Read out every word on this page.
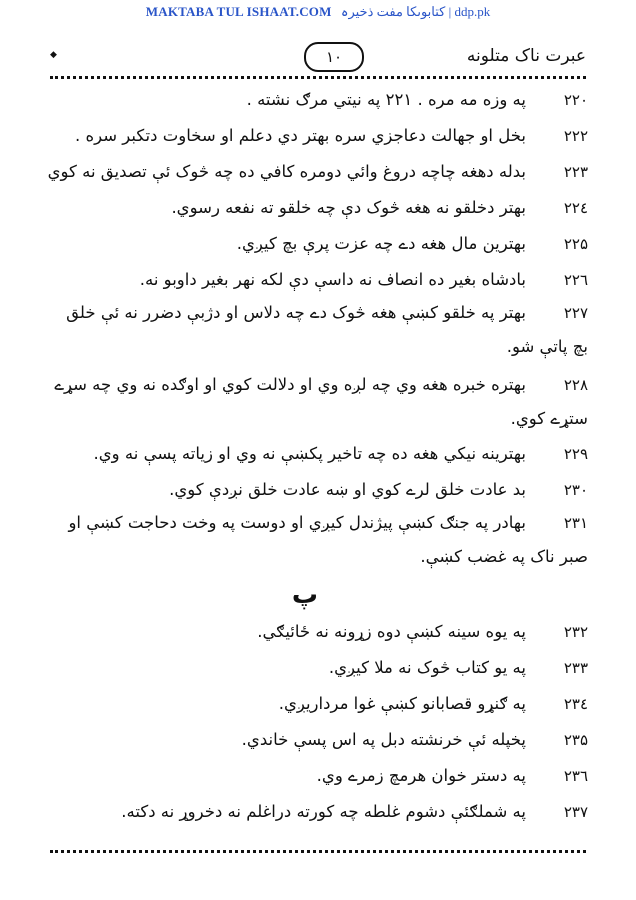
MAKTABA TUL ISHAAT.COM کتابوںکا مفت ذخیرہ | ddp.pk
◆	۱۰	عبرت ناک متلونه
۲۲۰په وزه مه مره . ۲۲۱ په نیتي مرګ نشته .
۲۲۲بخل او جهالت دعاجزي سره بهتر دي دعلم او سخاوت دتکبر سره .
۲۲۳بدله دهغه چاچه دروغ وائي دومره کافي ده چه څوک ئې تصدیق نه کوي
۲۲٤بهتر دخلقو نه هغه څوک دې چه خلقو ته نفعه رسوي.
۲۲۵بهترین مال هغه دے چه عزت پرې بچ کیږي.
۲۲٦بادشاه بغیر ده انصاف نه داسې دې لکه نهر بغیر داوبو نه.
۲۲۷بهتر په خلقو کښې هغه څوک دے چه دلاس او دژبې دضرر نه ئې خلق بچ پاتې شو.
۲۲۸بهتره خبره هغه وي چه لږه وي او دلالت کوي او اوګده نه وي چه سړے ستړے کوي.
۲۲۹بهترینه نیکي هغه ده چه تاخیر پکښې نه وي او زیاته پسې نه وي.
۲۳۰بد عادت خلق لرے کوي او ښه عادت خلق نږدې کوي.
۲۳۱بهادر په جنګ کښې پیژندل کیږي او دوست په وخت دحاجت کښې او صبر ناک په غضب کښې.
پ
۲۳۲په یوه سینه کښې دوه زړونه نه ځائیګي.
۲۳۳په یو کتاب څوک نه ملا کیږي.
۲۳٤په ګنړو قصابانو کښې غوا مرداریږي.
۲۳۵پخپله ئې خرنشته دبل په اس پسې خاندي.
۲۳٦په دستر خوان هرمچ زمرے وي.
۲۳۷په شملګئې دشوم غلطه چه کورته دراغلم نه دخروړ نه دکته.
